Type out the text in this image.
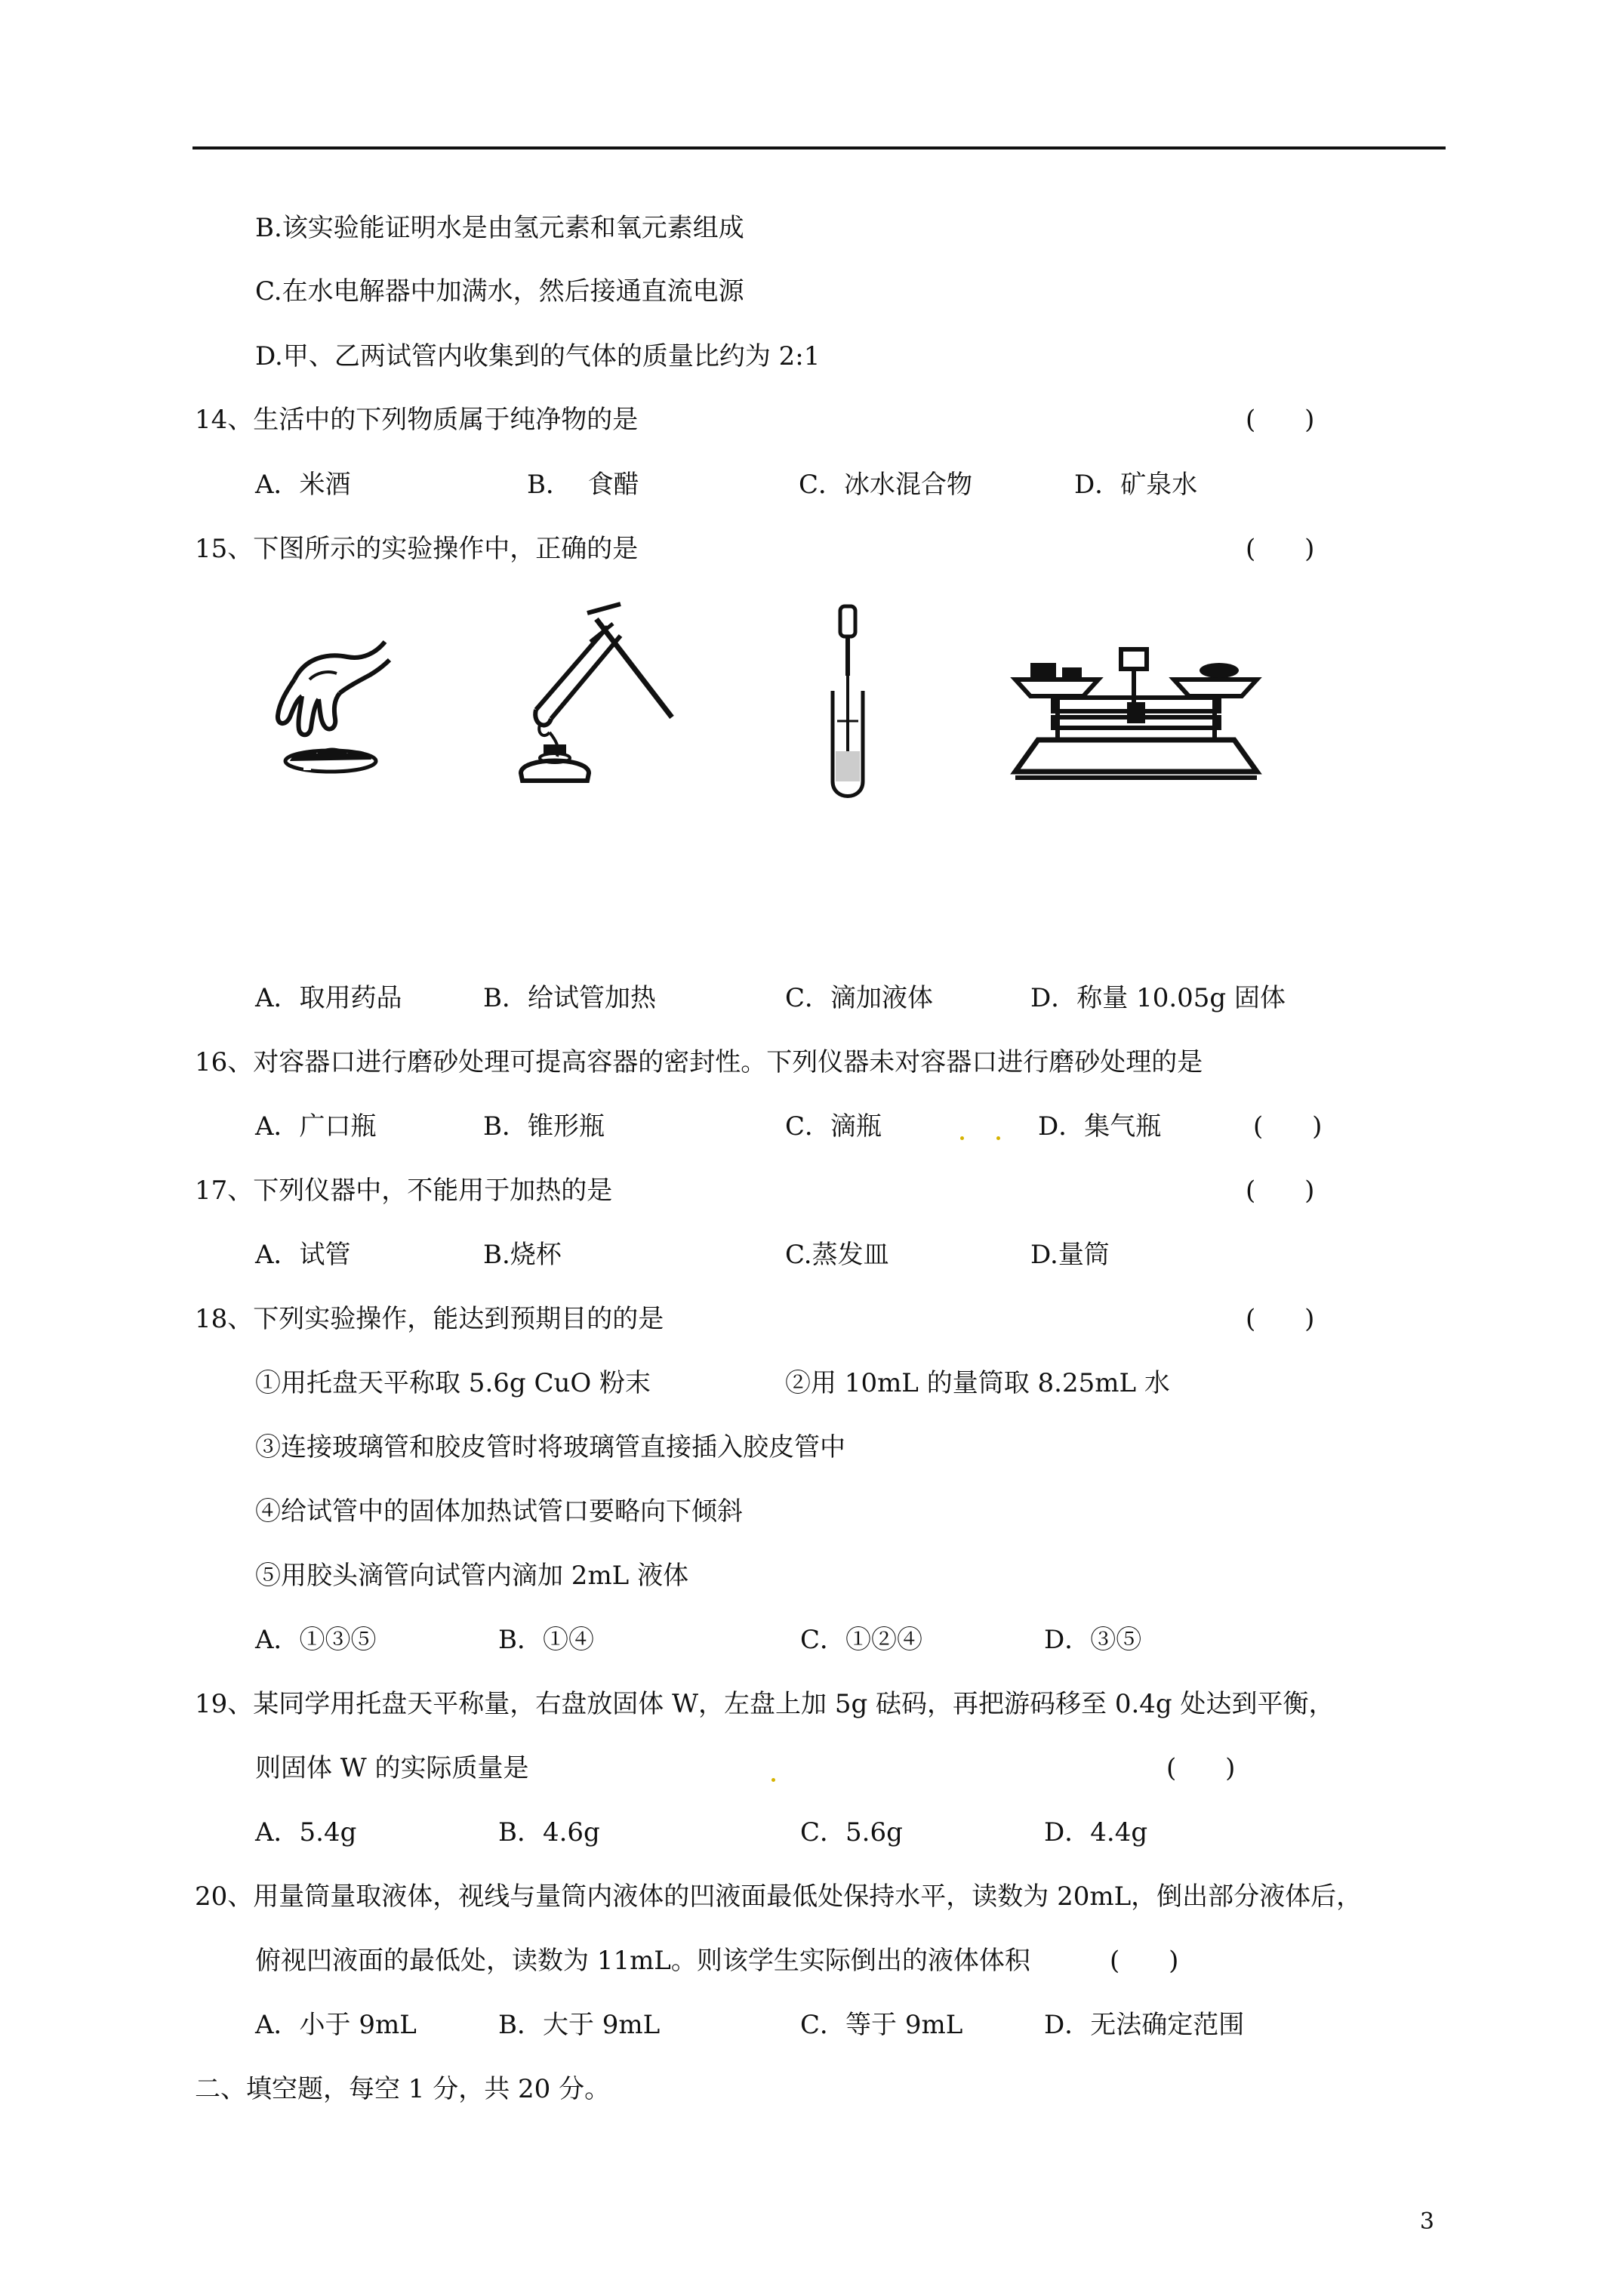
B.该实验能证明水是由氢元素和氧元素组成
C.在水电解器中加满水，然后接通直流电源
D.甲、乙两试管内收集到的气体的质量比约为 2:1
14、生活中的下列物质属于纯净物的是	(      )
A．米酒	B．  食醋	C．冰水混合物	D．矿泉水
15、下图所示的实验操作中，正确的是	(      )
A．取用药品	B．给试管加热	C．滴加液体	D．称量 10.05g 固体
16、对容器口进行磨砂处理可提高容器的密封性。下列仪器未对容器口进行磨砂处理的是
A．广口瓶	B．锥形瓶	C．滴瓶	D．集气瓶	(      )
17、下列仪器中，不能用于加热的是	(      )
A．试管	B.烧杯	C.蒸发皿	D.量筒
18、下列实验操作，能达到预期目的的是	(      )
①用托盘天平称取 5.6g CuO 粉末	②用 10mL 的量筒取 8.25mL 水
③连接玻璃管和胶皮管时将玻璃管直接插入胶皮管中
④给试管中的固体加热试管口要略向下倾斜
⑤用胶头滴管向试管内滴加 2mL 液体
A．①③⑤	B．①④	C．①②④	D．③⑤
19、某同学用托盘天平称量，右盘放固体 W，左盘上加 5g 砝码，再把游码移至 0.4g 处达到平衡，
则固体 W 的实际质量是	(      )
A．5.4g	B．4.6g	C．5.6g	D．4.4g
20、用量筒量取液体，视线与量筒内液体的凹液面最低处保持水平，读数为 20mL，倒出部分液体后，
俯视凹液面的最低处，读数为 11mL。则该学生实际倒出的液体体积	(      )
A．小于 9mL	B．大于 9mL	C．等于 9mL	D．无法确定范围
二、填空题，每空 1 分，共 20 分。
3
